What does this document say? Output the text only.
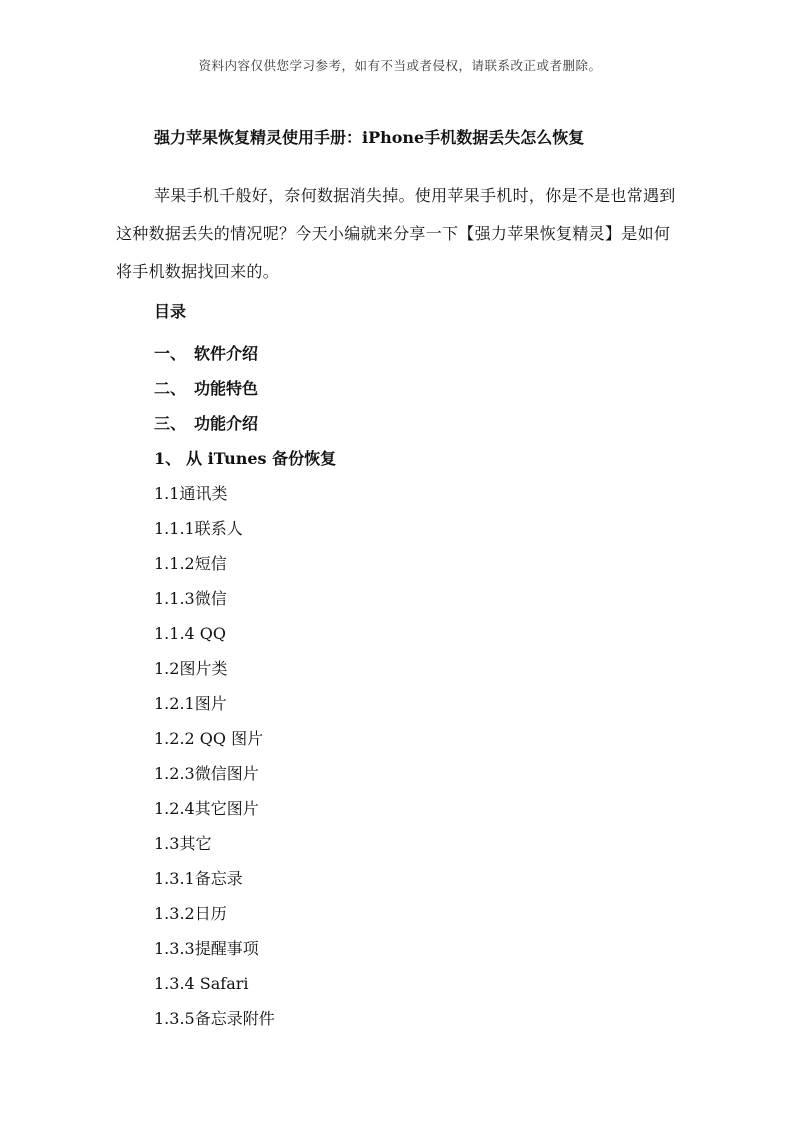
资料内容仅供您学习参考，如有不当或者侵权，请联系改正或者删除。
强力苹果恢复精灵使用手册：iPhone手机数据丢失怎么恢复

苹果手机千般好，奈何数据消失掉。使用苹果手机时，你是不是也常遇到这种数据丢失的情况呢？今天小编就来分享一下【强力苹果恢复精灵】是如何将手机数据找回来的。

目录
一、 软件介绍
二、 功能特色
三、 功能介绍
1、 从 iTunes 备份恢复
1.1通讯类
1.1.1联系人
1.1.2短信
1.1.3微信
1.1.4 QQ
1.2图片类
1.2.1图片
1.2.2 QQ 图片
1.2.3微信图片
1.2.4其它图片
1.3其它
1.3.1备忘录
1.3.2日历
1.3.3提醒事项
1.3.4 Safari
1.3.5备忘录附件
